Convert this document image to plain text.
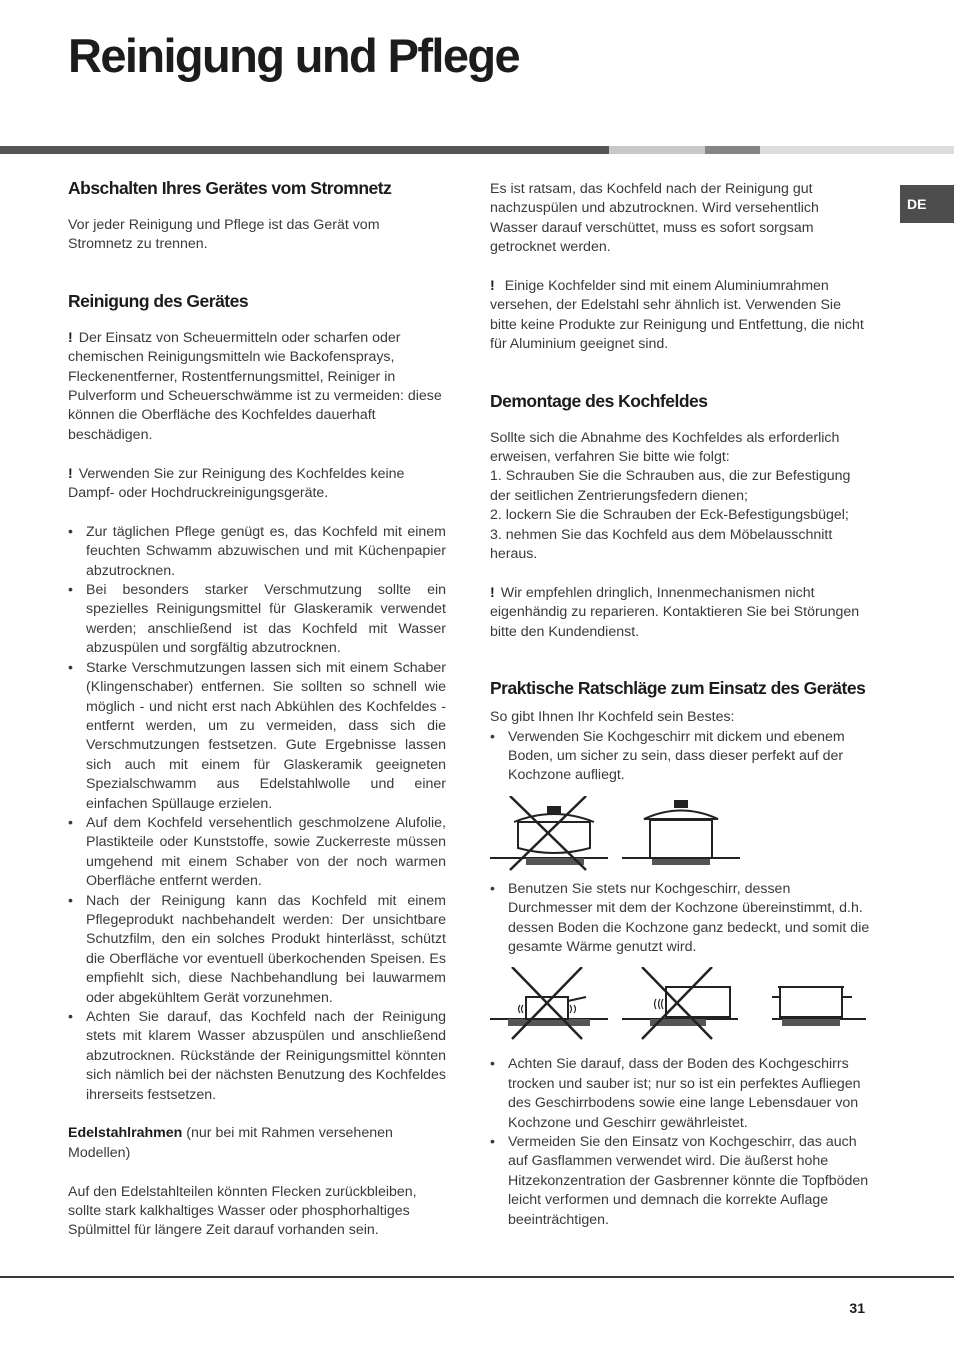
Reinigung und Pflege
DE
Abschalten Ihres Gerätes vom Stromnetz

Vor jeder Reinigung und Pflege ist das Gerät vom Stromnetz zu trennen.

Reinigung des Gerätes

! Der Einsatz von Scheuermitteln oder scharfen oder chemischen Reinigungsmitteln wie Backofensprays, Fleckenentferner, Rostentfernungsmittel, Reiniger in Pulverform und Scheuerschwämme ist zu vermeiden: diese können die Oberfläche des Kochfeldes dauerhaft beschädigen.

! Verwenden Sie zur Reinigung des Kochfeldes keine Dampf- oder Hochdruckreinigungsgeräte.

• Zur täglichen Pflege genügt es, das Kochfeld mit einem feuchten Schwamm abzuwischen und mit Küchenpapier abzutrocknen.
• Bei besonders starker Verschmutzung sollte ein spezielles Reinigungsmittel für Glaskeramik verwendet werden; anschließend ist das Kochfeld mit Wasser abzuspülen und sorgfältig abzutrocknen.
• Starke Verschmutzungen lassen sich mit einem Schaber (Klingenschaber) entfernen. Sie sollten so schnell wie möglich - und nicht erst nach Abkühlen des Kochfeldes - entfernt werden, um zu vermeiden, dass sich die Verschmutzungen festsetzen. Gute Ergebnisse lassen sich auch mit einem für Glaskeramik geeigneten Spezialschwamm aus Edelstahlwolle und einer einfachen Spüllauge erzielen.
• Auf dem Kochfeld versehentlich geschmolzene Alufolie, Plastikteile oder Kunststoffe, sowie Zuckerreste müssen umgehend mit einem Schaber von der noch warmen Oberfläche entfernt werden.
• Nach der Reinigung kann das Kochfeld mit einem Pflegeprodukt nachbehandelt werden: Der unsichtbare Schutzfilm, den ein solches Produkt hinterlässt, schützt die Oberfläche vor eventuell überkochenden Speisen. Es empfiehlt sich, diese Nachbehandlung bei lauwarmem oder abgekühltem Gerät vorzunehmen.
• Achten Sie darauf, das Kochfeld nach der Reinigung stets mit klarem Wasser abzuspülen und anschließend abzutrocknen. Rückstände der Reinigungsmittel könnten sich nämlich bei der nächsten Benutzung des Kochfeldes ihrerseits festsetzen.

Edelstahlrahmen (nur bei mit Rahmen versehenen Modellen)

Auf den Edelstahlteilen könnten Flecken zurückbleiben, sollte stark kalkhaltiges Wasser oder phosphorhaltiges Spülmittel für längere Zeit darauf vorhanden sein.

Es ist ratsam, das Kochfeld nach der Reinigung gut nachzuspülen und abzutrocknen. Wird versehentlich Wasser darauf verschüttet, muss es sofort sorgsam getrocknet werden.

! Einige Kochfelder sind mit einem Aluminiumrahmen versehen, der Edelstahl sehr ähnlich ist. Verwenden Sie bitte keine Produkte zur Reinigung und Entfettung, die nicht für Aluminium geeignet sind.

Demontage des Kochfeldes

Sollte sich die Abnahme des Kochfeldes als erforderlich erweisen, verfahren Sie bitte wie folgt:

1. Schrauben Sie die Schrauben aus, die zur Befestigung der seitlichen Zentrierungsfedern dienen;

2. lockern Sie die Schrauben der Eck-Befestigungsbügel;

3. nehmen Sie das Kochfeld aus dem Möbelausschnitt heraus.

! Wir empfehlen dringlich, Innenmechanismen nicht eigenhändig zu reparieren. Kontaktieren Sie bei Störungen bitte den Kundendienst.

Praktische Ratschläge zum Einsatz des Gerätes

So gibt Ihnen Ihr Kochfeld sein Bestes:

• Verwenden Sie Kochgeschirr mit dickem und ebenem Boden, um sicher zu sein, dass dieser perfekt auf der Kochzone aufliegt.
• Benutzen Sie stets nur Kochgeschirr, dessen Durchmesser mit dem der Kochzone übereinstimmt, d.h. dessen Boden die Kochzone ganz bedeckt, und somit die gesamte Wärme genutzt wird.
• Achten Sie darauf, dass der Boden des Kochgeschirrs trocken und sauber ist; nur so ist ein perfektes Aufliegen des Geschirrbodens sowie eine lange Lebensdauer von Kochzone und Geschirr gewährleistet.
• Vermeiden Sie den Einsatz von Kochgeschirr, das auch auf Gasflammen verwendet wird. Die äußerst hohe Hitzekonzentration der Gasbrenner könnte die Topfböden leicht verformen und demnach die korrekte Auflage beeinträchtigen.
31
